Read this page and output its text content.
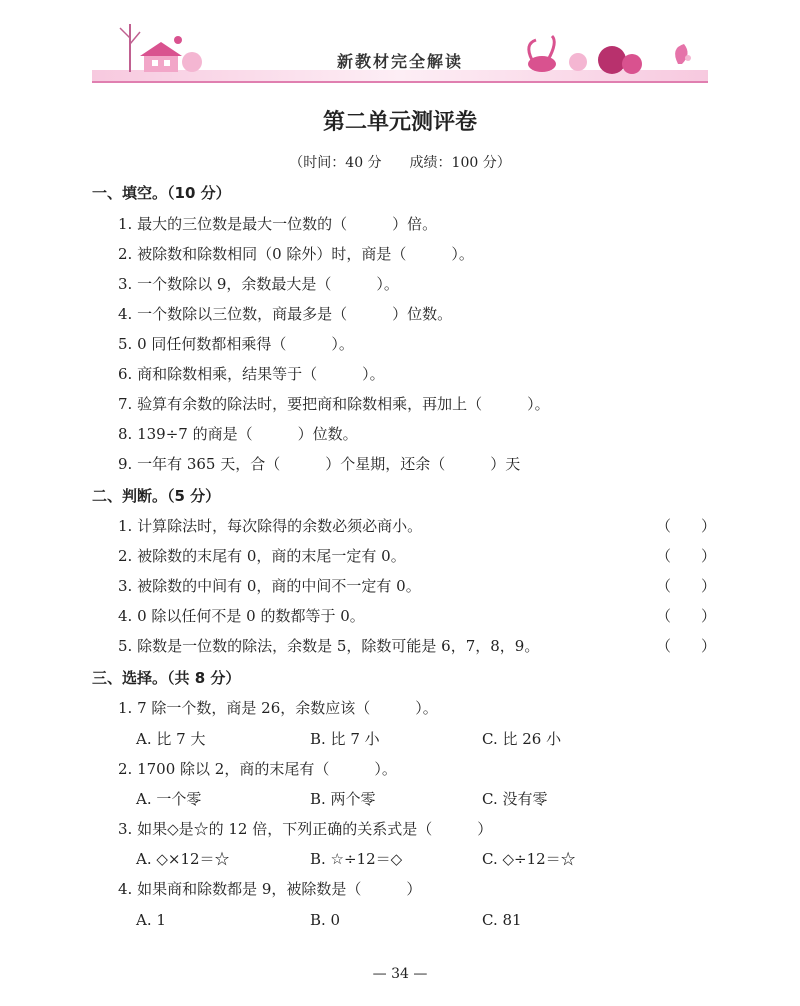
新教材完全解读
第二单元测评卷
（时间：40 分　　成绩：100 分）
一、填空。（10 分）
1. 最大的三位数是最大一位数的（　　　）倍。
2. 被除数和除数相同（0 除外）时，商是（　　　）。
3. 一个数除以 9，余数最大是（　　　）。
4. 一个数除以三位数，商最多是（　　　）位数。
5. 0 同任何数都相乘得（　　　）。
6. 商和除数相乘，结果等于（　　　）。
7. 验算有余数的除法时，要把商和除数相乘，再加上（　　　）。
8. 139÷7 的商是（　　　）位数。
9. 一年有 365 天，合（　　　）个星期，还余（　　　）天
二、判断。（5 分）
1. 计算除法时，每次除得的余数必须必商小。	（　　）
2. 被除数的末尾有 0，商的末尾一定有 0。	（　　）
3. 被除数的中间有 0，商的中间不一定有 0。	（　　）
4. 0 除以任何不是 0 的数都等于 0。	（　　）
5. 除数是一位数的除法，余数是 5，除数可能是 6，7，8，9。	（　　）
三、选择。（共 8 分）
1. 7 除一个数，商是 26，余数应该（　　　）。
A. 比 7 大	B. 比 7 小	C. 比 26 小
2. 1700 除以 2，商的末尾有（　　　）。
A. 一个零	B. 两个零	C. 没有零
3. 如果◇是☆的 12 倍，下列正确的关系式是（　　　）
A. ◇×12＝☆	B. ☆÷12＝◇	C. ◇÷12＝☆
4. 如果商和除数都是 9，被除数是（　　　）
A. 1	B. 0	C. 81
— 34 —
